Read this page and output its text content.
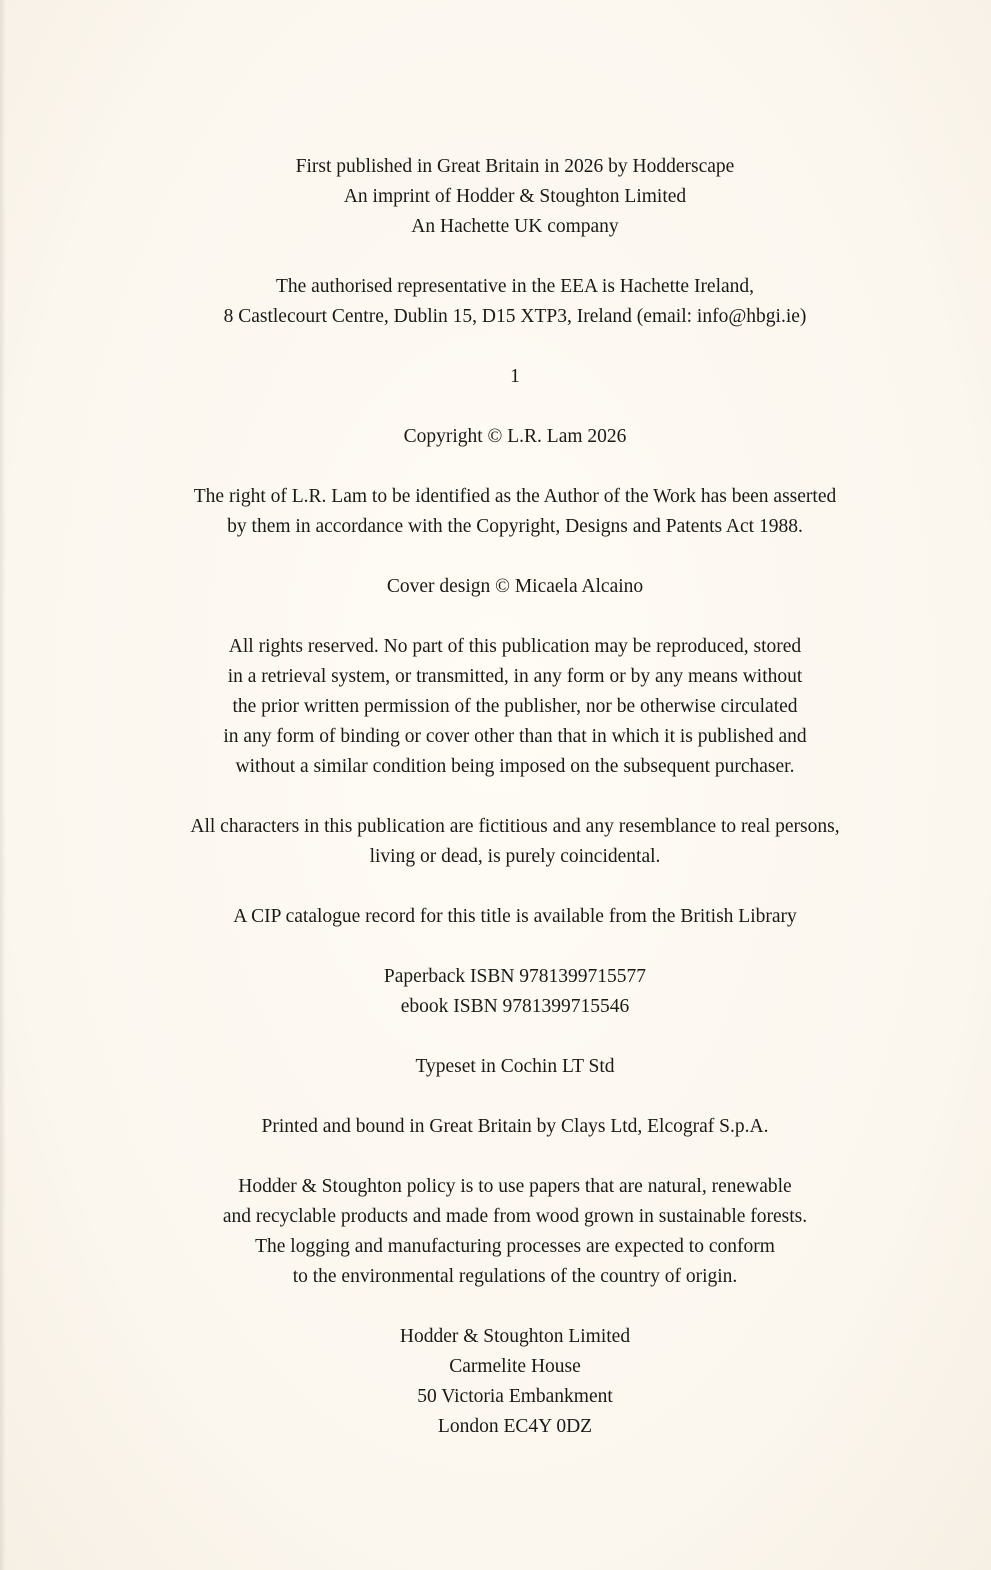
First published in Great Britain in 2026 by Hodderscape
An imprint of Hodder & Stoughton Limited
An Hachette UK company
The authorised representative in the EEA is Hachette Ireland,
8 Castlecourt Centre, Dublin 15, D15 XTP3, Ireland (email: info@hbgi.ie)
1
Copyright © L.R. Lam 2026
The right of L.R. Lam to be identified as the Author of the Work has been asserted
by them in accordance with the Copyright, Designs and Patents Act 1988.
Cover design © Micaela Alcaino
All rights reserved. No part of this publication may be reproduced, stored
in a retrieval system, or transmitted, in any form or by any means without
the prior written permission of the publisher, nor be otherwise circulated
in any form of binding or cover other than that in which it is published and
without a similar condition being imposed on the subsequent purchaser.
All characters in this publication are fictitious and any resemblance to real persons,
living or dead, is purely coincidental.
A CIP catalogue record for this title is available from the British Library
Paperback ISBN 9781399715577
ebook ISBN 9781399715546
Typeset in Cochin LT Std
Printed and bound in Great Britain by Clays Ltd, Elcograf S.p.A.
Hodder & Stoughton policy is to use papers that are natural, renewable
and recyclable products and made from wood grown in sustainable forests.
The logging and manufacturing processes are expected to conform
to the environmental regulations of the country of origin.
Hodder & Stoughton Limited
Carmelite House
50 Victoria Embankment
London EC4Y 0DZ
